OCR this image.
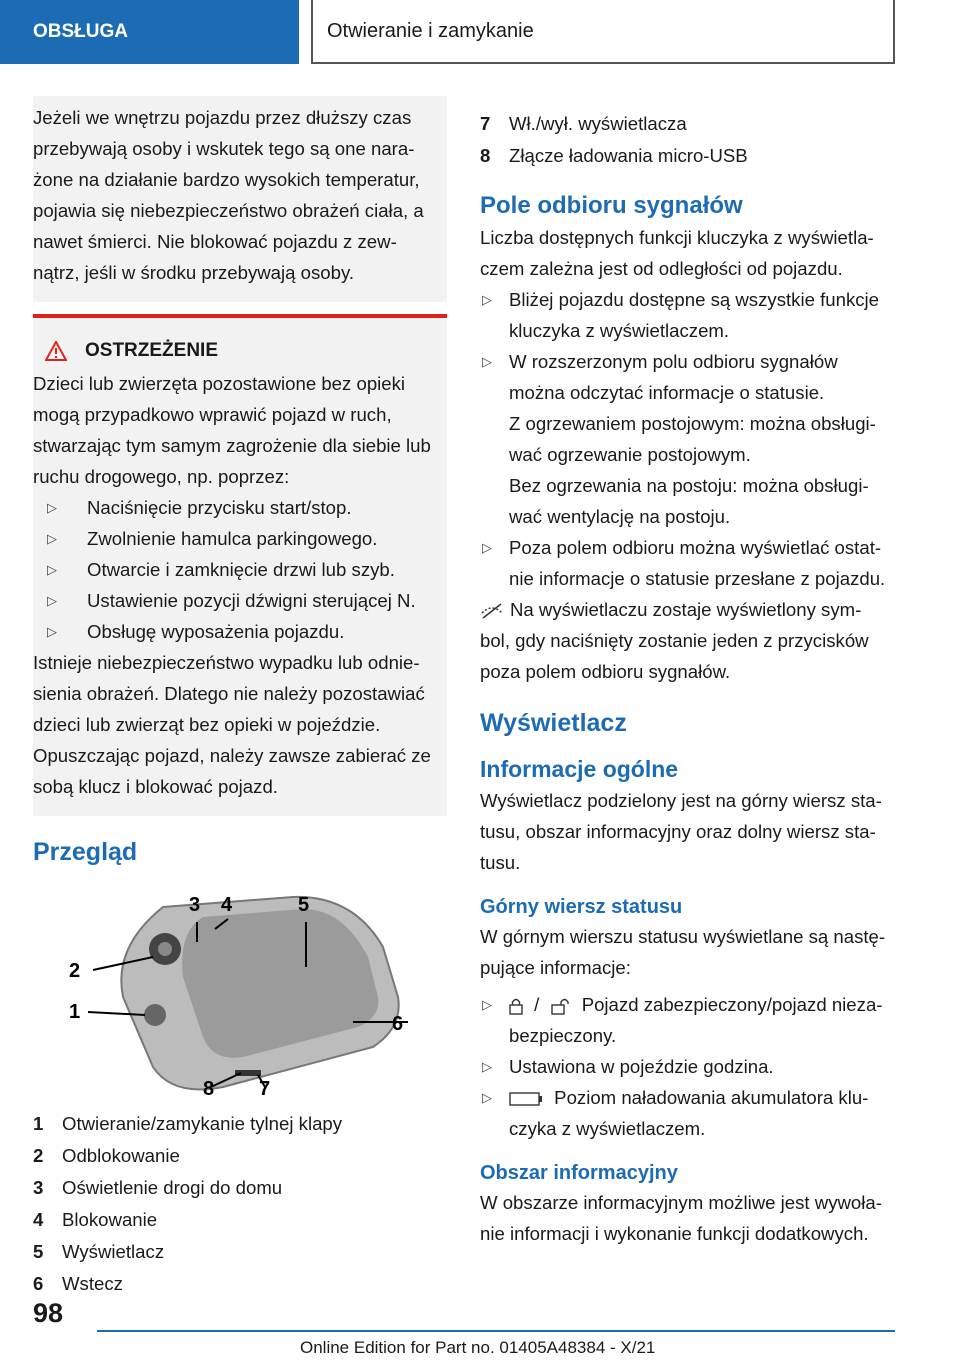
OBSŁUGA	Otwieranie i zamykanie

Jeżeli we wnętrzu pojazdu przez dłuższy czas

przebywają osoby i wskutek tego są one nara-

żone na działanie bardzo wysokich temperatur,

pojawia się niebezpieczeństwo obrażeń ciała, a

nawet śmierci. Nie blokować pojazdu z zew-

nątrz, jeśli w środku przebywają osoby.

OSTRZEŻENIE

Dzieci lub zwierzęta pozostawione bez opieki

mogą przypadkowo wprawić pojazd w ruch,

stwarzając tym samym zagrożenie dla siebie lub

ruchu drogowego, np. poprzez:

▷	Naciśnięcie przycisku start/stop.
▷	Zwolnienie hamulca parkingowego.
▷	Otwarcie i zamknięcie drzwi lub szyb.
▷	Ustawienie pozycji dźwigni sterującej N.
▷	Obsługę wyposażenia pojazdu.

Istnieje niebezpieczeństwo wypadku lub odnie-

sienia obrażeń. Dlatego nie należy pozostawiać

dzieci lub zwierząt bez opieki w pojeździe.

Opuszczając pojazd, należy zawsze zabierać ze

sobą klucz i blokować pojazd.

Przegląd
1
2
3 4	5
6
7
8
1	Otwieranie/zamykanie tylnej klapy
2	Odblokowanie
3	Oświetlenie drogi do domu
4	Blokowanie
5	Wyświetlacz
6	Wstecz
7	Wł./wył. wyświetlacza
8	Złącze ładowania micro-USB
Pole odbioru sygnałów

Liczba dostępnych funkcji kluczyka z wyświetla-

czem zależna jest od odległości od pojazdu.

▷ Bliżej pojazdu dostępne są wszystkie funkcje
kluczyka z wyświetlaczem.
▷ W rozszerzonym polu odbioru sygnałów
można odczytać informacje o statusie.

Z ogrzewaniem postojowym: można obsługi-

wać ogrzewanie postojowym.

Bez ogrzewania na postoju: można obsługi-

wać wentylację na postoju.

▷ Poza polem odbioru można wyświetlać ostat-
nie informacje o statusie przesłane z pojazdu.

Na wyświetlaczu zostaje wyświetlony sym-

bol, gdy naciśnięty zostanie jeden z przycisków

poza polem odbioru sygnałów.

Wyświetlacz
Informacje ogólne

Wyświetlacz podzielony jest na górny wiersz sta-

tusu, obszar informacyjny oraz dolny wiersz sta-

tusu.

Górny wiersz statusu

W górnym wierszu statusu wyświetlane są nastę-

pujące informacje:

▷	/ Pojazd zabezpieczony/pojazd nieza-
bezpieczony.
▷ Ustawiona w pojeździe godzina.
▷	Poziom naładowania akumulatora klu-
czyka z wyświetlaczem.
Obszar informacyjny

W obszarze informacyjnym możliwe jest wywoła-

nie informacji i wykonanie funkcji dodatkowych.

98
Online Edition for Part no. 01405A48384 - X/21
